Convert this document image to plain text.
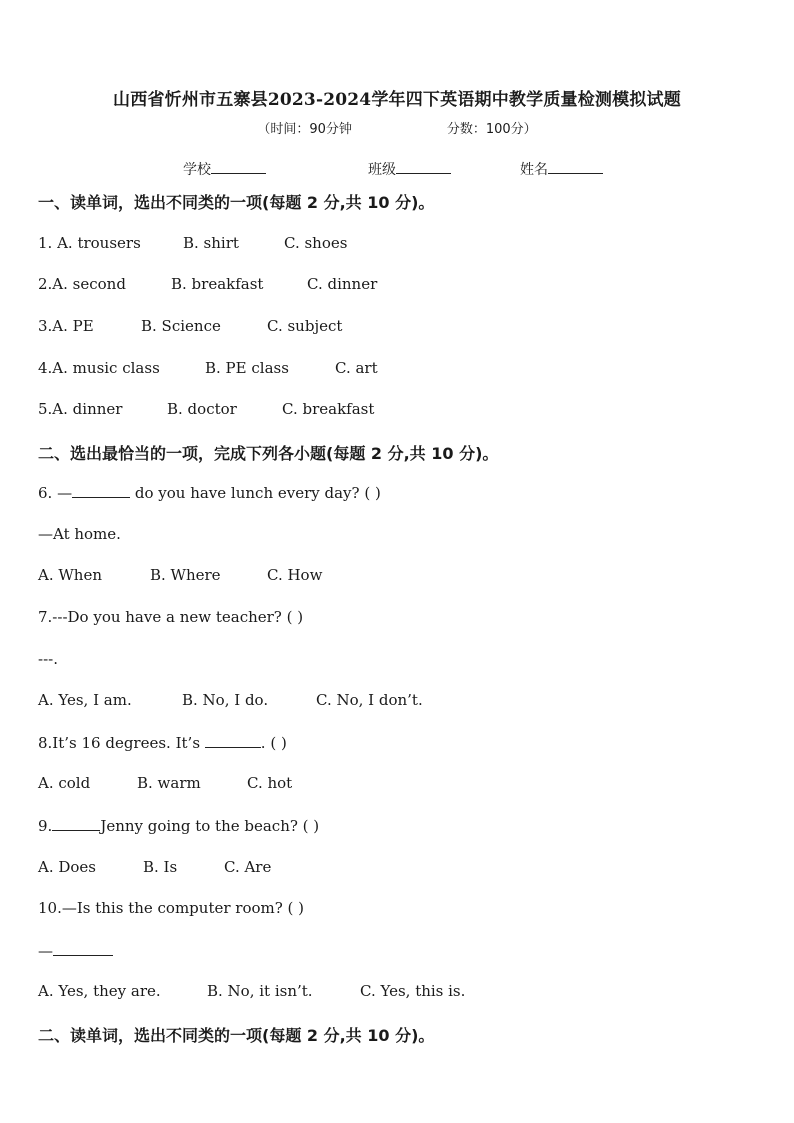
山西省忻州市五寨县2023-2024学年四下英语期中教学质量检测模拟试题
（时间：90分钟	分数：100分）
学校	班级	姓名
一、读单词，选出不同类的一项(每题 2 分,共 10 分)。
1. A. trousers	B. shirt	C. shoes
2.A. second	B. breakfast	C. dinner
3.A. PE	B. Science	C. subject
4.A. music class	B. PE class	C. art
5.A. dinner	B. doctor	C. breakfast
二、选出最恰当的一项，完成下列各小题(每题 2 分,共 10 分)。
6. —	do you have lunch every day? ( )
—At home.
A. When	B. Where	C. How
7.---Do you have a new teacher? ( )
---.
A. Yes, I am.	B. No, I do.	C. No, I don’t.
8.It’s 16 degrees. It’s	. ( )
A. cold	B. warm	C. hot
9.	Jenny going to the beach? ( )
A. Does	B. Is	C. Are
10.—Is this the computer room? ( )
—
A. Yes, they are.	B. No, it isn’t.	C. Yes, this is.
二、读单词，选出不同类的一项(每题 2 分,共 10 分)。
